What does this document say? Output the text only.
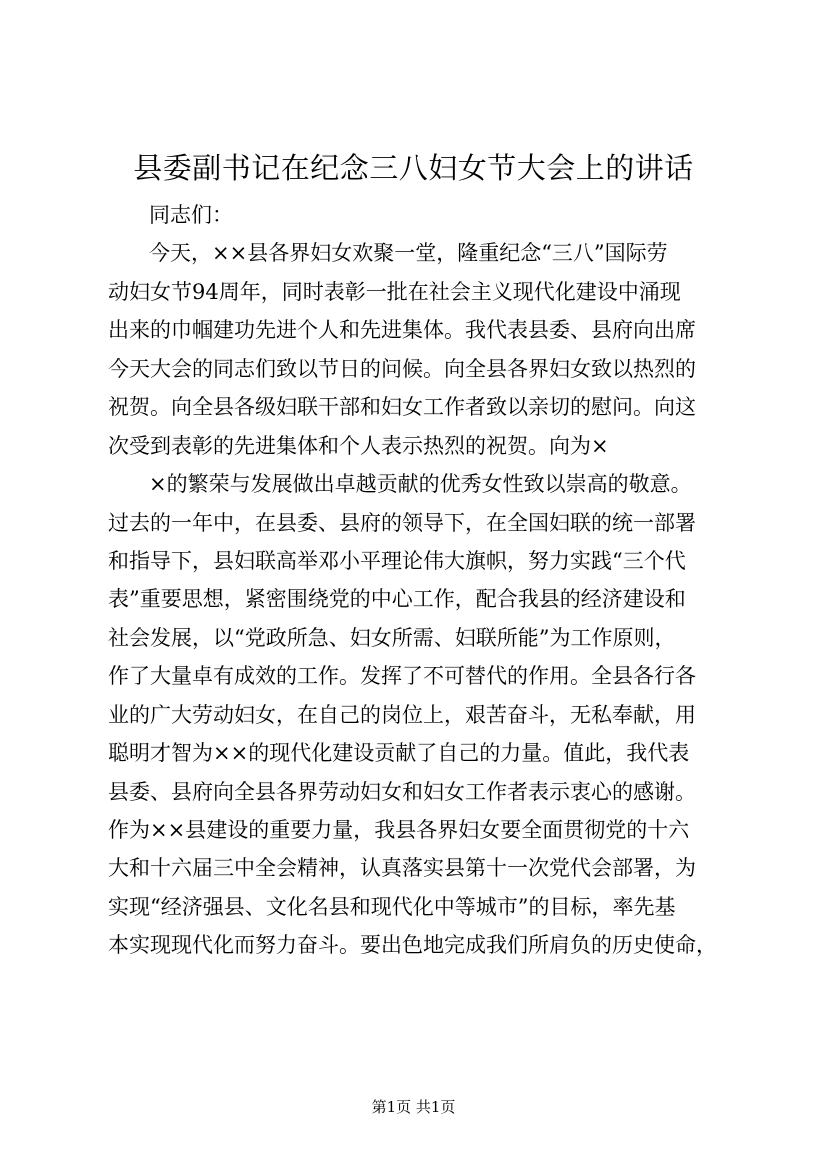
县委副书记在纪念三八妇女节大会上的讲话
同志们：
今天，××县各界妇女欢聚一堂，隆重纪念“三八”国际劳
动妇女节94周年，同时表彰一批在社会主义现代化建设中涌现
出来的巾帼建功先进个人和先进集体。我代表县委、县府向出席
今天大会的同志们致以节日的问候。向全县各界妇女致以热烈的
祝贺。向全县各级妇联干部和妇女工作者致以亲切的慰问。向这
次受到表彰的先进集体和个人表示热烈的祝贺。向为×
×的繁荣与发展做出卓越贡献的优秀女性致以崇高的敬意。
过去的一年中，在县委、县府的领导下，在全国妇联的统一部署
和指导下，县妇联高举邓小平理论伟大旗帜，努力实践“三个代
表”重要思想，紧密围绕党的中心工作，配合我县的经济建设和
社会发展，以“党政所急、妇女所需、妇联所能”为工作原则，
作了大量卓有成效的工作。发挥了不可替代的作用。全县各行各
业的广大劳动妇女，在自己的岗位上，艰苦奋斗，无私奉献，用
聪明才智为××的现代化建设贡献了自己的力量。值此，我代表
县委、县府向全县各界劳动妇女和妇女工作者表示衷心的感谢。
作为××县建设的重要力量，我县各界妇女要全面贯彻党的十六
大和十六届三中全会精神，认真落实县第十一次党代会部署，为
实现“经济强县、文化名县和现代化中等城市”的目标，率先基
本实现现代化而努力奋斗。要出色地完成我们所肩负的历史使命，
第1页 共1页
